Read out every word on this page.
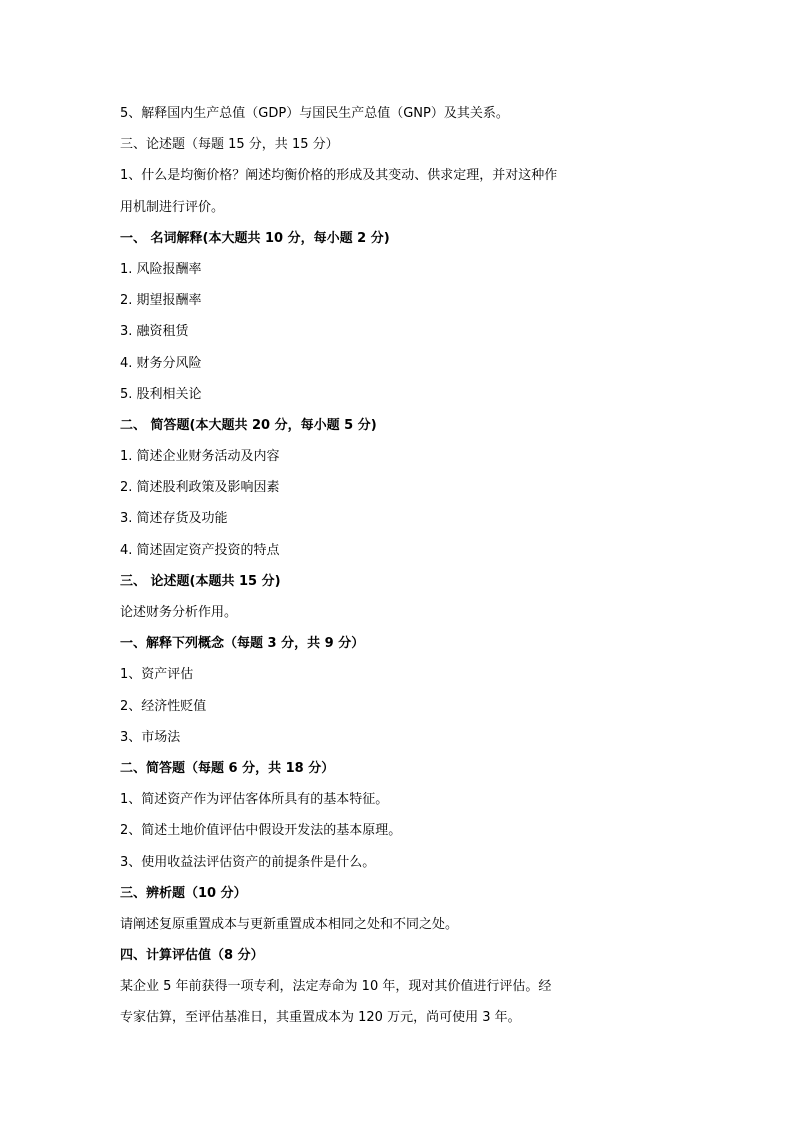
5、解释国内生产总值（GDP）与国民生产总值（GNP）及其关系。
三、论述题（每题 15 分，共 15 分）
1、什么是均衡价格？阐述均衡价格的形成及其变动、供求定理，并对这种作
用机制进行评价。
一、 名词解释(本大题共 10 分，每小题 2 分)
1. 风险报酬率
2. 期望报酬率
3. 融资租赁
4. 财务分风险
5. 股利相关论
二、 简答题(本大题共 20 分，每小题 5 分)
1. 简述企业财务活动及内容
2. 简述股利政策及影响因素
3. 简述存货及功能
4. 简述固定资产投资的特点
三、 论述题(本题共 15 分)
论述财务分析作用。
一、解释下列概念（每题 3 分，共 9 分）
1、资产评估
2、经济性贬值
3、市场法
二、简答题（每题 6 分，共 18 分）
1、简述资产作为评估客体所具有的基本特征。
2、简述土地价值评估中假设开发法的基本原理。
3、使用收益法评估资产的前提条件是什么。
三、辨析题（10 分）
请阐述复原重置成本与更新重置成本相同之处和不同之处。
四、计算评估值（8 分）
某企业 5 年前获得一项专利，法定寿命为 10 年，现对其价值进行评估。经
专家估算，至评估基准日，其重置成本为 120 万元，尚可使用 3 年。
